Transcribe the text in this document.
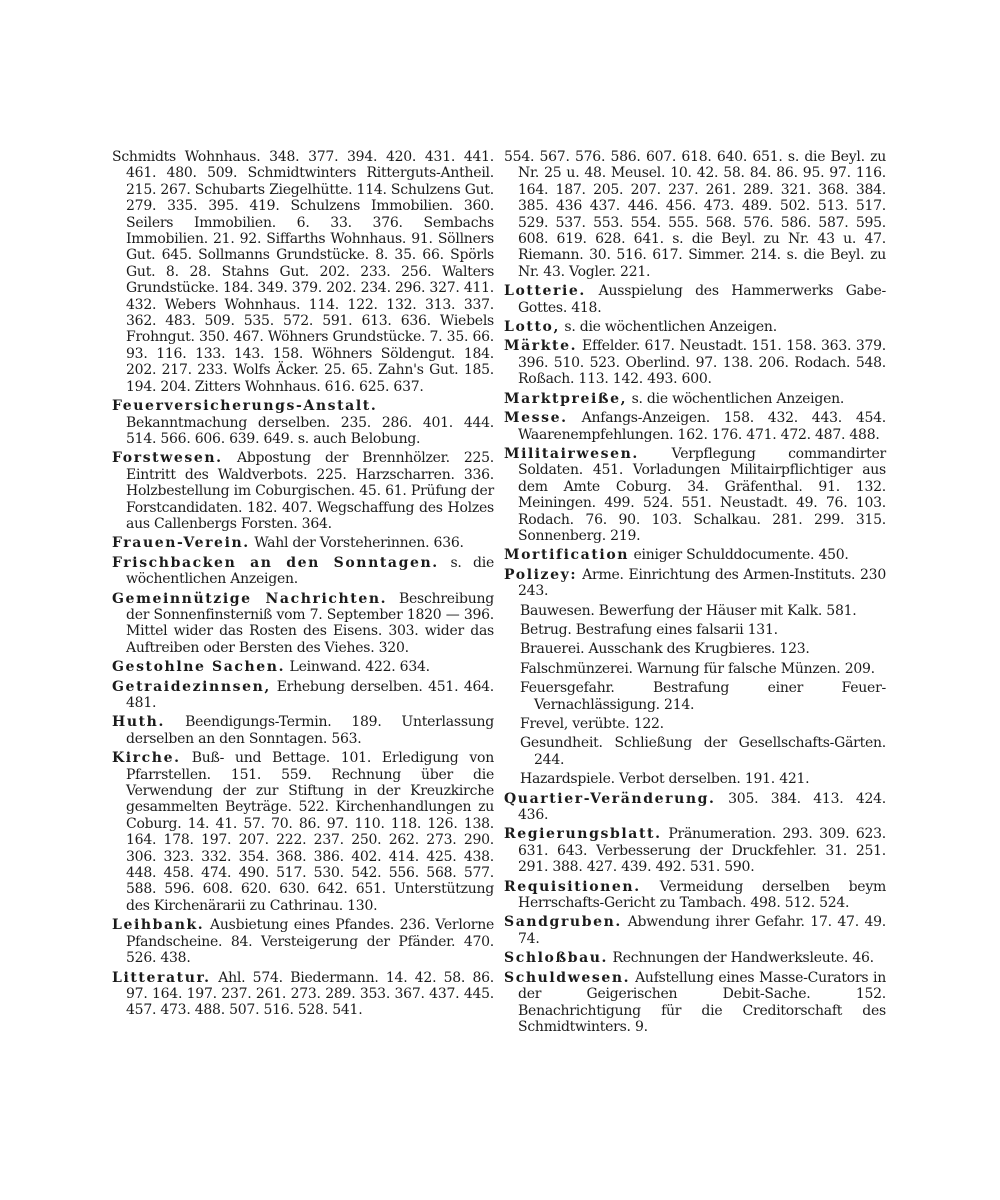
Schmidts Wohnhaus. 348. 377. 394. 420. 431. 441. 461. 480. 509. Schmidtwinters Ritterguts-Antheil. 215. 267. Schubarts Ziegelhütte. 114. Schulzens Gut. 279. 335. 395. 419. Schulzens Immobilien. 360. Seilers Immobilien. 6. 33. 376. Sembachs Immobilien. 21. 92. Siffarths Wohnhaus. 91. Söllners Gut. 645. Sollmanns Grundstücke. 8. 35. 66. Spörls Gut. 8. 28. Stahns Gut. 202. 233. 256. Walters Grundstücke. 184. 349. 379. 202. 234. 296. 327. 411. 432. Webers Wohnhaus. 114. 122. 132. 313. 337. 362. 483. 509. 535. 572. 591. 613. 636. Wiebels Frohngut. 350. 467. Wöhners Grundstücke. 7. 35. 66. 93. 116. 133. 143. 158. Wöhners Söldengut. 184. 202. 217. 233. Wolfs Äcker. 25. 65. Zahn's Gut. 185. 194. 204. Zitters Wohnhaus. 616. 625. 637.

Feuerversicherungs-Anstalt. Bekanntmachung derselben. 235. 286. 401. 444. 514. 566. 606. 639. 649. s. auch Belobung.

Forstwesen. Abpostung der Brennhölzer. 225. Eintritt des Waldverbots. 225. Harzscharren. 336. Holzbestellung im Coburgischen. 45. 61. Prüfung der Forstcandidaten. 182. 407. Wegschaffung des Holzes aus Callenbergs Forsten. 364.

Frauen-Verein. Wahl der Vorsteherinnen. 636.

Frischbacken an den Sonntagen. s. die wöchentlichen Anzeigen.

Gemeinnützige Nachrichten. Beschreibung der Sonnenfinsterniß vom 7. September 1820 — 396. Mittel wider das Rosten des Eisens. 303. wider das Auftreiben oder Bersten des Viehes. 320.

Gestohlne Sachen. Leinwand. 422. 634.

Getraidezinnsen, Erhebung derselben. 451. 464. 481.

Huth. Beendigungs-Termin. 189. Unterlassung derselben an den Sonntagen. 563.

Kirche. Buß- und Bettage. 101. Erledigung von Pfarrstellen. 151. 559. Rechnung über die Verwendung der zur Stiftung in der Kreuzkirche gesammelten Beyträge. 522. Kirchenhandlungen zu Coburg. 14. 41. 57. 70. 86. 97. 110. 118. 126. 138. 164. 178. 197. 207. 222. 237. 250. 262. 273. 290. 306. 323. 332. 354. 368. 386. 402. 414. 425. 438. 448. 458. 474. 490. 517. 530. 542. 556. 568. 577. 588. 596. 608. 620. 630. 642. 651. Unterstützung des Kirchenärarii zu Cathrinau. 130.

Leihbank. Ausbietung eines Pfandes. 236. Verlorne Pfandscheine. 84. Versteigerung der Pfänder. 470. 526. 438.

Litteratur. Ahl. 574. Biedermann. 14. 42. 58. 86. 97. 164. 197. 237. 261. 273. 289. 353. 367. 437. 445. 457. 473. 488. 507. 516. 528. 541.

554. 567. 576. 586. 607. 618. 640. 651. s. die Beyl. zu Nr. 25 u. 48. Meusel. 10. 42. 58. 84. 86. 95. 97. 116. 164. 187. 205. 207. 237. 261. 289. 321. 368. 384. 385. 436 437. 446. 456. 473. 489. 502. 513. 517. 529. 537. 553. 554. 555. 568. 576. 586. 587. 595. 608. 619. 628. 641. s. die Beyl. zu Nr. 43 u. 47. Riemann. 30. 516. 617. Simmer. 214. s. die Beyl. zu Nr. 43. Vogler. 221.

Lotterie. Ausspielung des Hammerwerks Gabe-Gottes. 418.

Lotto, s. die wöchentlichen Anzeigen.

Märkte. Effelder. 617. Neustadt. 151. 158. 363. 379. 396. 510. 523. Oberlind. 97. 138. 206. Rodach. 548. Roßach. 113. 142. 493. 600.

Marktpreiße, s. die wöchentlichen Anzeigen.

Messe. Anfangs-Anzeigen. 158. 432. 443. 454. Waarenempfehlungen. 162. 176. 471. 472. 487. 488.

Militairwesen. Verpflegung commandirter Soldaten. 451. Vorladungen Militairpflichtiger aus dem Amte Coburg. 34. Gräfenthal. 91. 132. Meiningen. 499. 524. 551. Neustadt. 49. 76. 103. Rodach. 76. 90. 103. Schalkau. 281. 299. 315. Sonnenberg. 219.

Mortification einiger Schulddocumente. 450.

Polizey: Arme. Einrichtung des Armen-Instituts. 230 243.

Bauwesen. Bewerfung der Häuser mit Kalk. 581.

Betrug. Bestrafung eines falsarii 131.

Brauerei. Ausschank des Krugbieres. 123.

Falschmünzerei. Warnung für falsche Münzen. 209.

Feuersgefahr. Bestrafung einer Feuer-Vernachlässigung. 214.

Frevel, verübte. 122.

Gesundheit. Schließung der Gesellschafts-Gärten. 244.

Hazardspiele. Verbot derselben. 191. 421.

Quartier-Veränderung. 305. 384. 413. 424. 436.

Regierungsblatt. Pränumeration. 293. 309. 623. 631. 643. Verbesserung der Druckfehler. 31. 251. 291. 388. 427. 439. 492. 531. 590.

Requisitionen. Vermeidung derselben beym Herrschafts-Gericht zu Tambach. 498. 512. 524.

Sandgruben. Abwendung ihrer Gefahr. 17. 47. 49. 74.

Schloßbau. Rechnungen der Handwerksleute. 46.

Schuldwesen. Aufstellung eines Masse-Curators in der Geigerischen Debit-Sache. 152. Benachrichtigung für die Creditorschaft des Schmidtwinters. 9.
